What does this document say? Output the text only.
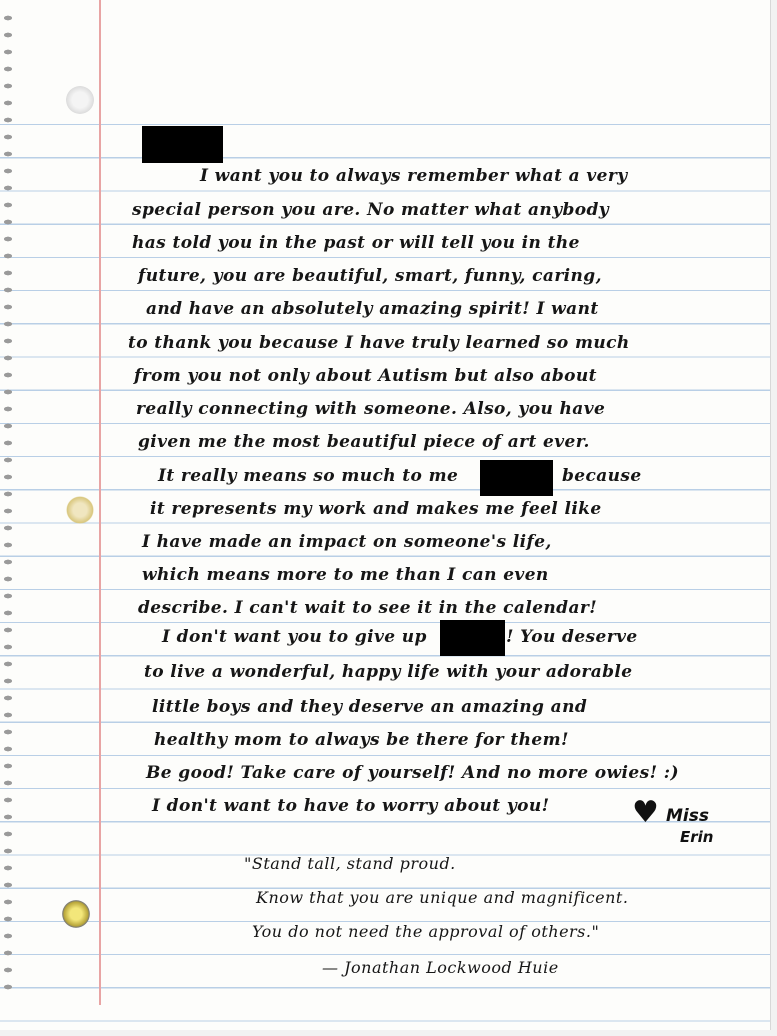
I want you to always remember what a very
special person you are. No matter what anybody
has told you in the past or will tell you in the
future, you are beautiful, smart, funny, caring,
and have an absolutely amazing spirit! I want
to thank you because I have truly learned so much
from you not only about Autism but also about
really connecting with someone. Also, you have
given me the most beautiful piece of art ever.
It really means so much to me	because
it represents my work and makes me feel like
I have made an impact on someone's life,
which means more to me than I can even
describe. I can't wait to see it in the calendar!
I don't want you to give up	! You deserve
to live a wonderful, happy life with your adorable
little boys and they deserve an amazing and
healthy mom to always be there for them!
Be good! Take care of yourself! And no more owies! :)
I don't want to have to worry about you!	♥ Miss
Erin
"Stand tall, stand proud.
Know that you are unique and magnificent.
You do not need the approval of others."
— Jonathan Lockwood Huie
